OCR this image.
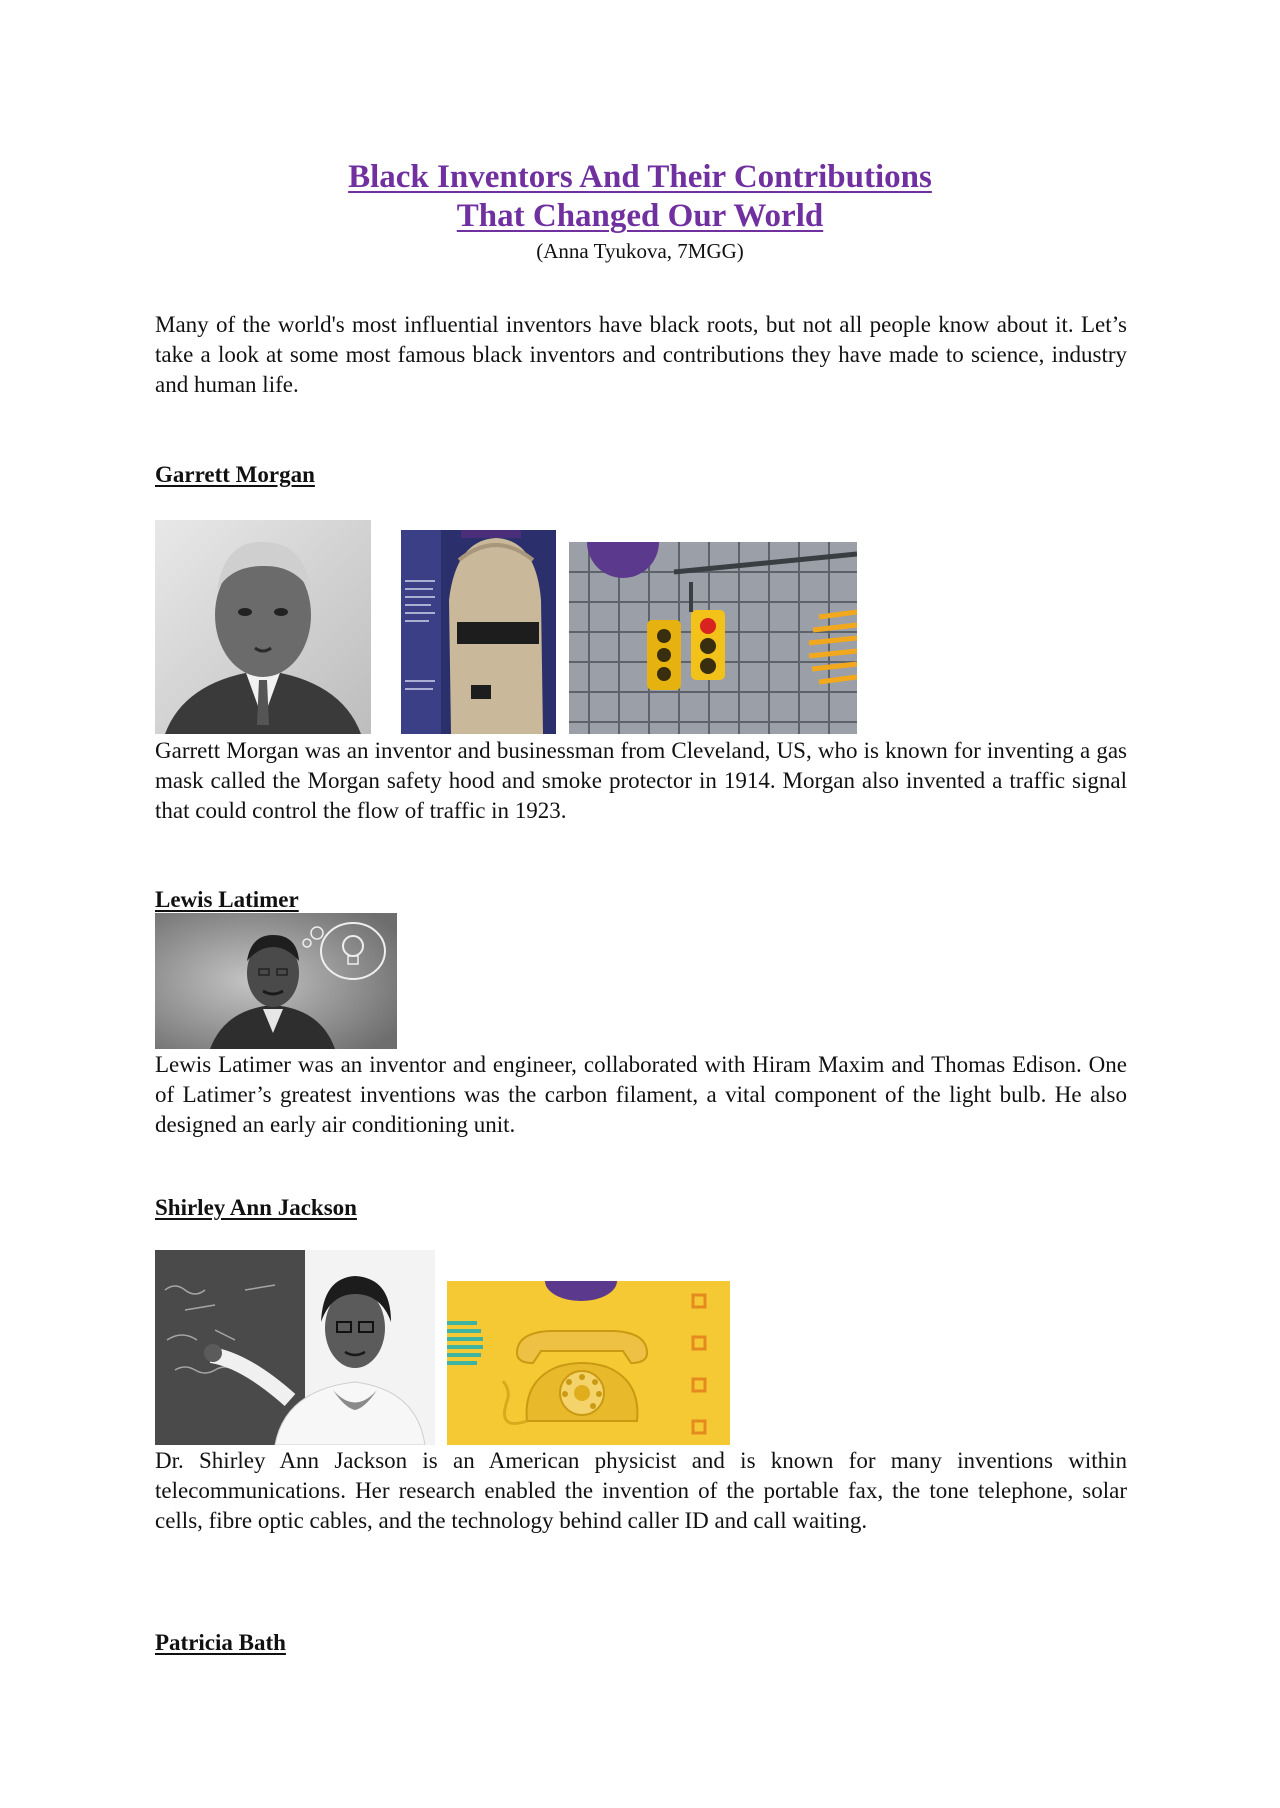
Black Inventors And Their Contributions
That Changed Our World
(Anna Tyukova, 7MGG)
Many of the world's most influential inventors have black roots, but not all people know about it. Let’s take a look at some most famous black inventors and contributions they have made to science, industry and human life.
Garrett Morgan
Garrett Morgan was an inventor and businessman from Cleveland, US, who is known for inventing a gas mask called the Morgan safety hood and smoke protector in 1914. Morgan also invented a traffic signal that could control the flow of traffic in 1923.
Lewis Latimer
Lewis Latimer was an inventor and engineer, collaborated with Hiram Maxim and Thomas Edison. One of Latimer’s greatest inventions was the carbon filament, a vital component of the light bulb. He also designed an early air conditioning unit.
Shirley Ann Jackson
Dr. Shirley Ann Jackson is an American physicist and is known for many inventions within telecommunications. Her research enabled the invention of the portable fax, the tone telephone, solar cells, fibre optic cables, and the technology behind caller ID and call waiting.
Patricia Bath
